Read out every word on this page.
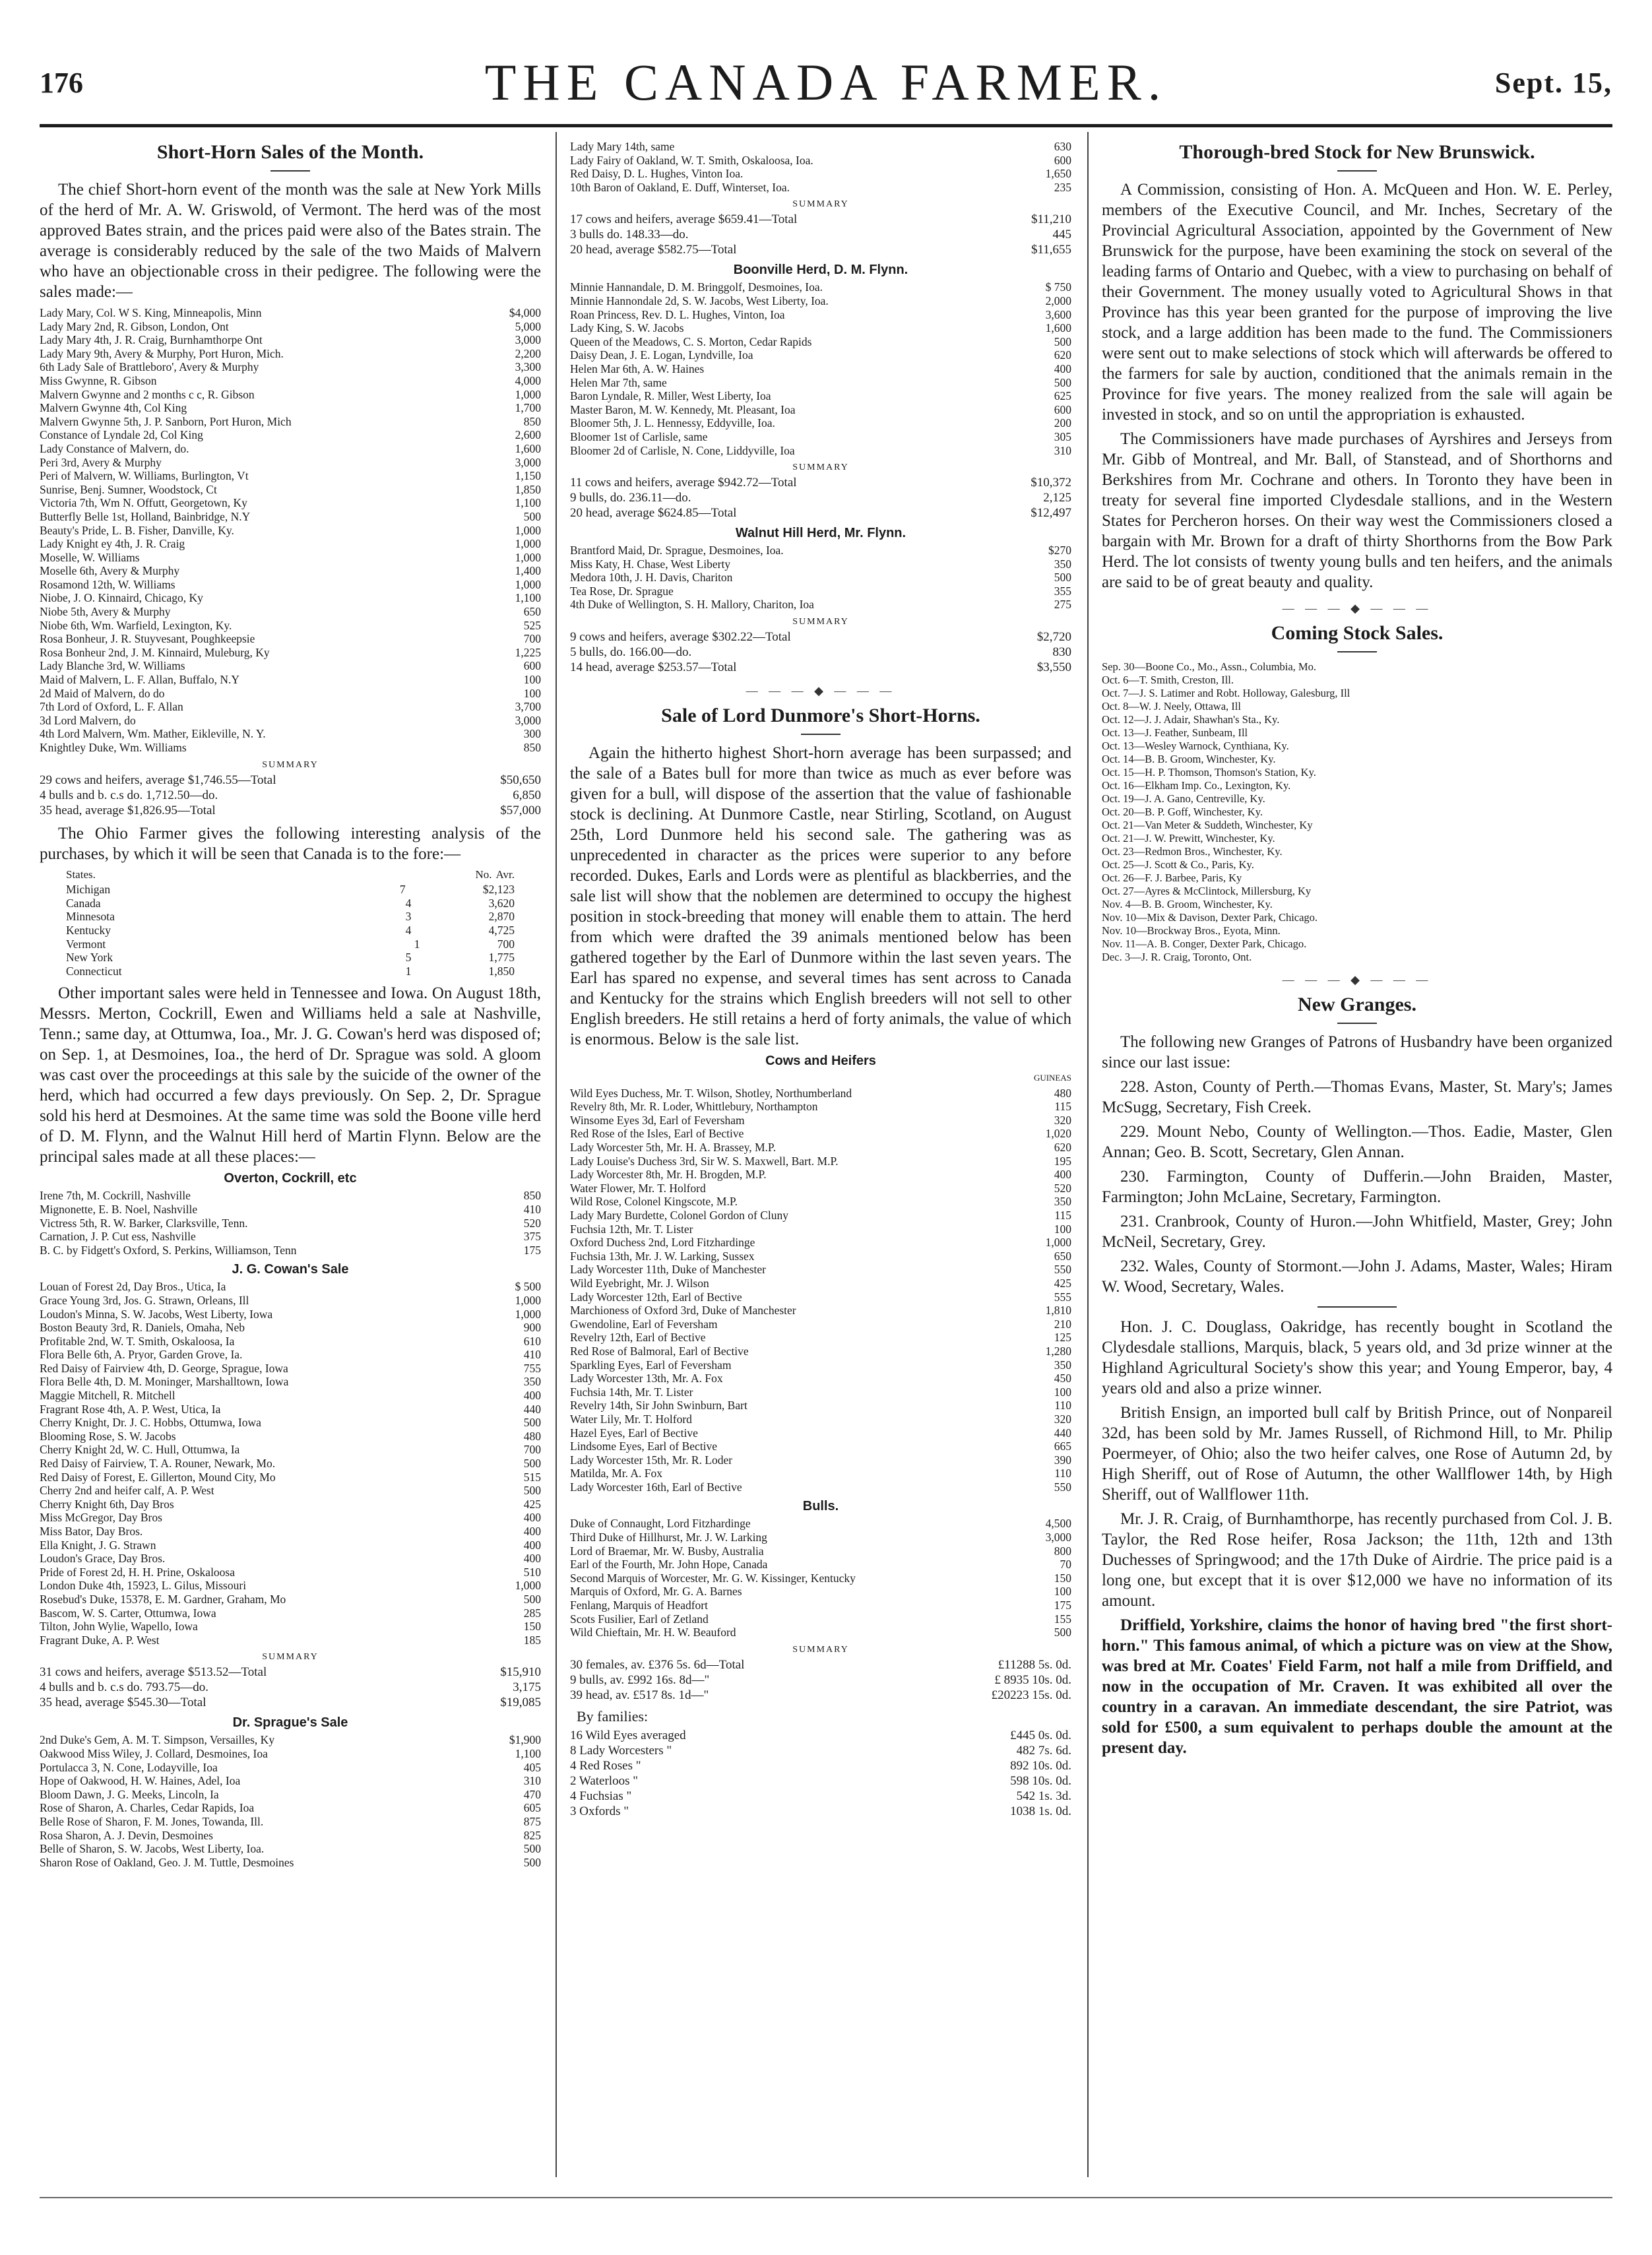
176	THE CANADA FARMER.	Sept. 15,
Short-Horn Sales of the Month.

The chief Short-horn event of the month was the sale at New York Mills of the herd of Mr. A. W. Griswold, of Vermont. The herd was of the most approved Bates strain, and the prices paid were also of the Bates strain. The average is considerably reduced by the sale of the two Maids of Malvern who have an objectionable cross in their pedigree. The following were the sales made:—

Lady Mary, Col. W S. King, Minneapolis, Minn	$4,000
Lady Mary 2nd, R. Gibson, London, Ont	5,000
Lady Mary 4th, J. R. Craig, Burnhamthorpe Ont	3,000
Lady Mary 9th, Avery & Murphy, Port Huron, Mich.	2,200
6th Lady Sale of Brattleboro', Avery & Murphy	3,300
Miss Gwynne, R. Gibson	4,000
Malvern Gwynne and 2 months c c, R. Gibson	1,000
Malvern Gwynne 4th, Col King	1,700
Malvern Gwynne 5th, J. P. Sanborn, Port Huron, Mich	850
Constance of Lyndale 2d, Col King	2,600
Lady Constance of Malvern, do.	1,600
Peri 3rd, Avery & Murphy	3,000
Peri of Malvern, W. Williams, Burlington, Vt	1,150
Sunrise, Benj. Sumner, Woodstock, Ct	1,850
Victoria 7th, Wm N. Offutt, Georgetown, Ky	1,100
Butterfly Belle 1st, Holland, Bainbridge, N.Y	500
Beauty's Pride, L. B. Fisher, Danville, Ky.	1,000
Lady Knight ey 4th, J. R. Craig	1,000
Moselle, W. Williams	1,000
Moselle 6th, Avery & Murphy	1,400
Rosamond 12th, W. Williams	1,000
Niobe, J. O. Kinnaird, Chicago, Ky	1,100
Niobe 5th, Avery & Murphy	650
Niobe 6th, Wm. Warfield, Lexington, Ky.	525
Rosa Bonheur, J. R. Stuyvesant, Poughkeepsie	700
Rosa Bonheur 2nd, J. M. Kinnaird, Muleburg, Ky	1,225
Lady Blanche 3rd, W. Williams	600
Maid of Malvern, L. F. Allan, Buffalo, N.Y	100
2d Maid of Malvern, do do	100
7th Lord of Oxford, L. F. Allan	3,700
3d Lord Malvern, do	3,000
4th Lord Malvern, Wm. Mather, Eikleville, N. Y.	300
Knightley Duke, Wm. Williams	850
SUMMARY
29 cows and heifers, average $1,746.55—Total	$50,650
4 bulls and b. c.s do. 1,712.50—do.	6,850
35 head, average $1,826.95—Total	$57,000

The Ohio Farmer gives the following interesting analysis of the purchases, by which it will be seen that Canada is to the fore:—

States.	No. Avr.
Michigan	7	$2,123
Canada	4	3,620
Minnesota	3	2,870
Kentucky	4	4,725
Vermont	1	700
New York	5	1,775
Connecticut	1	1,850

Other important sales were held in Tennessee and Iowa. On August 18th, Messrs. Merton, Cockrill, Ewen and Williams held a sale at Nashville, Tenn.; same day, at Ottumwa, Ioa., Mr. J. G. Cowan's herd was disposed of; on Sep. 1, at Desmoines, Ioa., the herd of Dr. Sprague was sold. A gloom was cast over the proceedings at this sale by the suicide of the owner of the herd, which had occurred a few days previously. On Sep. 2, Dr. Sprague sold his herd at Desmoines. At the same time was sold the Boone ville herd of D. M. Flynn, and the Walnut Hill herd of Martin Flynn. Below are the principal sales made at all these places:—

Overton, Cockrill, etc
Irene 7th, M. Cockrill, Nashville	850
Mignonette, E. B. Noel, Nashville	410
Victress 5th, R. W. Barker, Clarksville, Tenn.	520
Carnation, J. P. Cut ess, Nashville	375
B. C. by Fidgett's Oxford, S. Perkins, Williamson, Tenn	175
J. G. Cowan's Sale
Louan of Forest 2d, Day Bros., Utica, Ia	$ 500
Grace Young 3rd, Jos. G. Strawn, Orleans, Ill	1,000
Loudon's Minna, S. W. Jacobs, West Liberty, Iowa	1,000
Boston Beauty 3rd, R. Daniels, Omaha, Neb	900
Profitable 2nd, W. T. Smith, Oskaloosa, Ia	610
Flora Belle 6th, A. Pryor, Garden Grove, Ia.	410
Red Daisy of Fairview 4th, D. George, Sprague, Iowa	755
Flora Belle 4th, D. M. Moninger, Marshalltown, Iowa	350
Maggie Mitchell, R. Mitchell	400
Fragrant Rose 4th, A. P. West, Utica, Ia	440
Cherry Knight, Dr. J. C. Hobbs, Ottumwa, Iowa	500
Blooming Rose, S. W. Jacobs	480
Cherry Knight 2d, W. C. Hull, Ottumwa, Ia	700
Red Daisy of Fairview, T. A. Rouner, Newark, Mo.	500
Red Daisy of Forest, E. Gillerton, Mound City, Mo	515
Cherry 2nd and heifer calf, A. P. West	500
Cherry Knight 6th, Day Bros	425
Miss McGregor, Day Bros	400
Miss Bator, Day Bros.	400
Ella Knight, J. G. Strawn	400
Loudon's Grace, Day Bros.	400
Pride of Forest 2d, H. H. Prine, Oskaloosa	510
London Duke 4th, 15923, L. Gilus, Missouri	1,000
Rosebud's Duke, 15378, E. M. Gardner, Graham, Mo	500
Bascom, W. S. Carter, Ottumwa, Iowa	285
Tilton, John Wylie, Wapello, Iowa	150
Fragrant Duke, A. P. West	185
SUMMARY
31 cows and heifers, average $513.52—Total	$15,910
4 bulls and b. c.s do. 793.75—do.	3,175
35 head, average $545.30—Total	$19,085
Dr. Sprague's Sale
2nd Duke's Gem, A. M. T. Simpson, Versailles, Ky	$1,900
Oakwood Miss Wiley, J. Collard, Desmoines, Ioa	1,100
Portulacca 3, N. Cone, Lodayville, Ioa	405
Hope of Oakwood, H. W. Haines, Adel, Ioa	310
Bloom Dawn, J. G. Meeks, Lincoln, Ia	470
Rose of Sharon, A. Charles, Cedar Rapids, Ioa	605
Belle Rose of Sharon, F. M. Jones, Towanda, Ill.	875
Rosa Sharon, A. J. Devin, Desmoines	825
Belle of Sharon, S. W. Jacobs, West Liberty, Ioa.	500
Sharon Rose of Oakland, Geo. J. M. Tuttle, Desmoines	500
Lady Mary 14th, same	630
Lady Fairy of Oakland, W. T. Smith, Oskaloosa, Ioa.	600
Red Daisy, D. L. Hughes, Vinton Ioa.	1,650
10th Baron of Oakland, E. Duff, Winterset, Ioa.	235
SUMMARY
17 cows and heifers, average $659.41—Total	$11,210
3 bulls do. 148.33—do.	445
20 head, average $582.75—Total	$11,655
Boonville Herd, D. M. Flynn.
Minnie Hannandale, D. M. Bringgolf, Desmoines, Ioa.	$ 750
Minnie Hannondale 2d, S. W. Jacobs, West Liberty, Ioa.	2,000
Roan Princess, Rev. D. L. Hughes, Vinton, Ioa	3,600
Lady King, S. W. Jacobs	1,600
Queen of the Meadows, C. S. Morton, Cedar Rapids	500
Daisy Dean, J. E. Logan, Lyndville, Ioa	620
Helen Mar 6th, A. W. Haines	400
Helen Mar 7th, same	500
Baron Lyndale, R. Miller, West Liberty, Ioa	625
Master Baron, M. W. Kennedy, Mt. Pleasant, Ioa	600
Bloomer 5th, J. L. Hennessy, Eddyville, Ioa.	200
Bloomer 1st of Carlisle, same	305
Bloomer 2d of Carlisle, N. Cone, Liddyville, Ioa	310
SUMMARY
11 cows and heifers, average $942.72—Total	$10,372
9 bulls, do. 236.11—do.	2,125
20 head, average $624.85—Total	$12,497
Walnut Hill Herd, Mr. Flynn.
Brantford Maid, Dr. Sprague, Desmoines, Ioa.	$270
Miss Katy, H. Chase, West Liberty	350
Medora 10th, J. H. Davis, Chariton	500
Tea Rose, Dr. Sprague	355
4th Duke of Wellington, S. H. Mallory, Chariton, Ioa	275
SUMMARY
9 cows and heifers, average $302.22—Total	$2,720
5 bulls, do. 166.00—do.	830
14 head, average $253.57—Total	$3,550
— — — ◆ — — —
Sale of Lord Dunmore's Short-Horns.

Again the hitherto highest Short-horn average has been surpassed; and the sale of a Bates bull for more than twice as much as ever before was given for a bull, will dispose of the assertion that the value of fashionable stock is declining. At Dunmore Castle, near Stirling, Scotland, on August 25th, Lord Dunmore held his second sale. The gathering was as unprecedented in character as the prices were superior to any before recorded. Dukes, Earls and Lords were as plentiful as blackberries, and the sale list will show that the noblemen are determined to occupy the highest position in stock-breeding that money will enable them to attain. The herd from which were drafted the 39 animals mentioned below has been gathered together by the Earl of Dunmore within the last seven years. The Earl has spared no expense, and several times has sent across to Canada and Kentucky for the strains which English breeders will not sell to other English breeders. He still retains a herd of forty animals, the value of which is enormous. Below is the sale list.

Cows and Heifers
GUINEAS
Wild Eyes Duchess, Mr. T. Wilson, Shotley, Northumberland	480
Revelry 8th, Mr. R. Loder, Whittlebury, Northampton	115
Winsome Eyes 3d, Earl of Feversham	320
Red Rose of the Isles, Earl of Bective	1,020
Lady Worcester 5th, Mr. H. A. Brassey, M.P.	620
Lady Louise's Duchess 3rd, Sir W. S. Maxwell, Bart. M.P.	195
Lady Worcester 8th, Mr. H. Brogden, M.P.	400
Water Flower, Mr. T. Holford	520
Wild Rose, Colonel Kingscote, M.P.	350
Lady Mary Burdette, Colonel Gordon of Cluny	115
Fuchsia 12th, Mr. T. Lister	100
Oxford Duchess 2nd, Lord Fitzhardinge	1,000
Fuchsia 13th, Mr. J. W. Larking, Sussex	650
Lady Worcester 11th, Duke of Manchester	550
Wild Eyebright, Mr. J. Wilson	425
Lady Worcester 12th, Earl of Bective	555
Marchioness of Oxford 3rd, Duke of Manchester	1,810
Gwendoline, Earl of Feversham	210
Revelry 12th, Earl of Bective	125
Red Rose of Balmoral, Earl of Bective	1,280
Sparkling Eyes, Earl of Feversham	350
Lady Worcester 13th, Mr. A. Fox	450
Fuchsia 14th, Mr. T. Lister	100
Revelry 14th, Sir John Swinburn, Bart	110
Water Lily, Mr. T. Holford	320
Hazel Eyes, Earl of Bective	440
Lindsome Eyes, Earl of Bective	665
Lady Worcester 15th, Mr. R. Loder	390
Matilda, Mr. A. Fox	110
Lady Worcester 16th, Earl of Bective	550
Bulls.
Duke of Connaught, Lord Fitzhardinge	4,500
Third Duke of Hillhurst, Mr. J. W. Larking	3,000
Lord of Braemar, Mr. W. Busby, Australia	800
Earl of the Fourth, Mr. John Hope, Canada	70
Second Marquis of Worcester, Mr. G. W. Kissinger, Kentucky	150
Marquis of Oxford, Mr. G. A. Barnes	100
Fenlang, Marquis of Headfort	175
Scots Fusilier, Earl of Zetland	155
Wild Chieftain, Mr. H. W. Beauford	500
SUMMARY
30 females, av. £376 5s. 6d—Total	£11288 5s. 0d.
9 bulls, av. £992 16s. 8d—"	£ 8935 10s. 0d.
39 head, av. £517 8s. 1d—"	£20223 15s. 0d.
By families:
16 Wild Eyes averaged	£445 0s. 0d.
8 Lady Worcesters "	482 7s. 6d.
4 Red Roses "	892 10s. 0d.
2 Waterloos "	598 10s. 0d.
4 Fuchsias "	542 1s. 3d.
3 Oxfords "	1038 1s. 0d.
Thorough-bred Stock for New Brunswick.

A Commission, consisting of Hon. A. McQueen and Hon. W. E. Perley, members of the Executive Council, and Mr. Inches, Secretary of the Provincial Agricultural Association, appointed by the Government of New Brunswick for the purpose, have been examining the stock on several of the leading farms of Ontario and Quebec, with a view to purchasing on behalf of their Government. The money usually voted to Agricultural Shows in that Province has this year been granted for the purpose of improving the live stock, and a large addition has been made to the fund. The Commissioners were sent out to make selections of stock which will afterwards be offered to the farmers for sale by auction, conditioned that the animals remain in the Province for five years. The money realized from the sale will again be invested in stock, and so on until the appropriation is exhausted.

The Commissioners have made purchases of Ayrshires and Jerseys from Mr. Gibb of Montreal, and Mr. Ball, of Stanstead, and of Shorthorns and Berkshires from Mr. Cochrane and others. In Toronto they have been in treaty for several fine imported Clydesdale stallions, and in the Western States for Percheron horses. On their way west the Commissioners closed a bargain with Mr. Brown for a draft of thirty Shorthorns from the Bow Park Herd. The lot consists of twenty young bulls and ten heifers, and the animals are said to be of great beauty and quality.

— — — ◆ — — —
Coming Stock Sales.
Sep. 30—Boone Co., Mo., Assn., Columbia, Mo.
Oct. 6—T. Smith, Creston, Ill.
Oct. 7—J. S. Latimer and Robt. Holloway, Galesburg, Ill
Oct. 8—W. J. Neely, Ottawa, Ill
Oct. 12—J. J. Adair, Shawhan's Sta., Ky.
Oct. 13—J. Feather, Sunbeam, Ill
Oct. 13—Wesley Warnock, Cynthiana, Ky.
Oct. 14—B. B. Groom, Winchester, Ky.
Oct. 15—H. P. Thomson, Thomson's Station, Ky.
Oct. 16—Elkham Imp. Co., Lexington, Ky.
Oct. 19—J. A. Gano, Centreville, Ky.
Oct. 20—B. P. Goff, Winchester, Ky.
Oct. 21—Van Meter & Suddeth, Winchester, Ky
Oct. 21—J. W. Prewitt, Winchester, Ky.
Oct. 23—Redmon Bros., Winchester, Ky.
Oct. 25—J. Scott & Co., Paris, Ky.
Oct. 26—F. J. Barbee, Paris, Ky
Oct. 27—Ayres & McClintock, Millersburg, Ky
Nov. 4—B. B. Groom, Winchester, Ky.
Nov. 10—Mix & Davison, Dexter Park, Chicago.
Nov. 10—Brockway Bros., Eyota, Minn.
Nov. 11—A. B. Conger, Dexter Park, Chicago.
Dec. 3—J. R. Craig, Toronto, Ont.
— — — ◆ — — —
New Granges.

The following new Granges of Patrons of Husbandry have been organized since our last issue:

228. Aston, County of Perth.—Thomas Evans, Master, St. Mary's; James McSugg, Secretary, Fish Creek.

229. Mount Nebo, County of Wellington.—Thos. Eadie, Master, Glen Annan; Geo. B. Scott, Secretary, Glen Annan.

230. Farmington, County of Dufferin.—John Braiden, Master, Farmington; John McLaine, Secretary, Farmington.

231. Cranbrook, County of Huron.—John Whitfield, Master, Grey; John McNeil, Secretary, Grey.

232. Wales, County of Stormont.—John J. Adams, Master, Wales; Hiram W. Wood, Secretary, Wales.

Hon. J. C. Douglass, Oakridge, has recently bought in Scotland the Clydesdale stallions, Marquis, black, 5 years old, and 3d prize winner at the Highland Agricultural Society's show this year; and Young Emperor, bay, 4 years old and also a prize winner.

British Ensign, an imported bull calf by British Prince, out of Nonpareil 32d, has been sold by Mr. James Russell, of Richmond Hill, to Mr. Philip Poermeyer, of Ohio; also the two heifer calves, one Rose of Autumn 2d, by High Sheriff, out of Rose of Autumn, the other Wallflower 14th, by High Sheriff, out of Wallflower 11th.

Mr. J. R. Craig, of Burnhamthorpe, has recently purchased from Col. J. B. Taylor, the Red Rose heifer, Rosa Jackson; the 11th, 12th and 13th Duchesses of Springwood; and the 17th Duke of Airdrie. The price paid is a long one, but except that it is over $12,000 we have no information of its amount.

Driffield, Yorkshire, claims the honor of having bred "the first short-horn." This famous animal, of which a picture was on view at the Show, was bred at Mr. Coates' Field Farm, not half a mile from Driffield, and now in the occupation of Mr. Craven. It was exhibited all over the country in a caravan. An immediate descendant, the sire Patriot, was sold for £500, a sum equivalent to perhaps double the amount at the present day.
